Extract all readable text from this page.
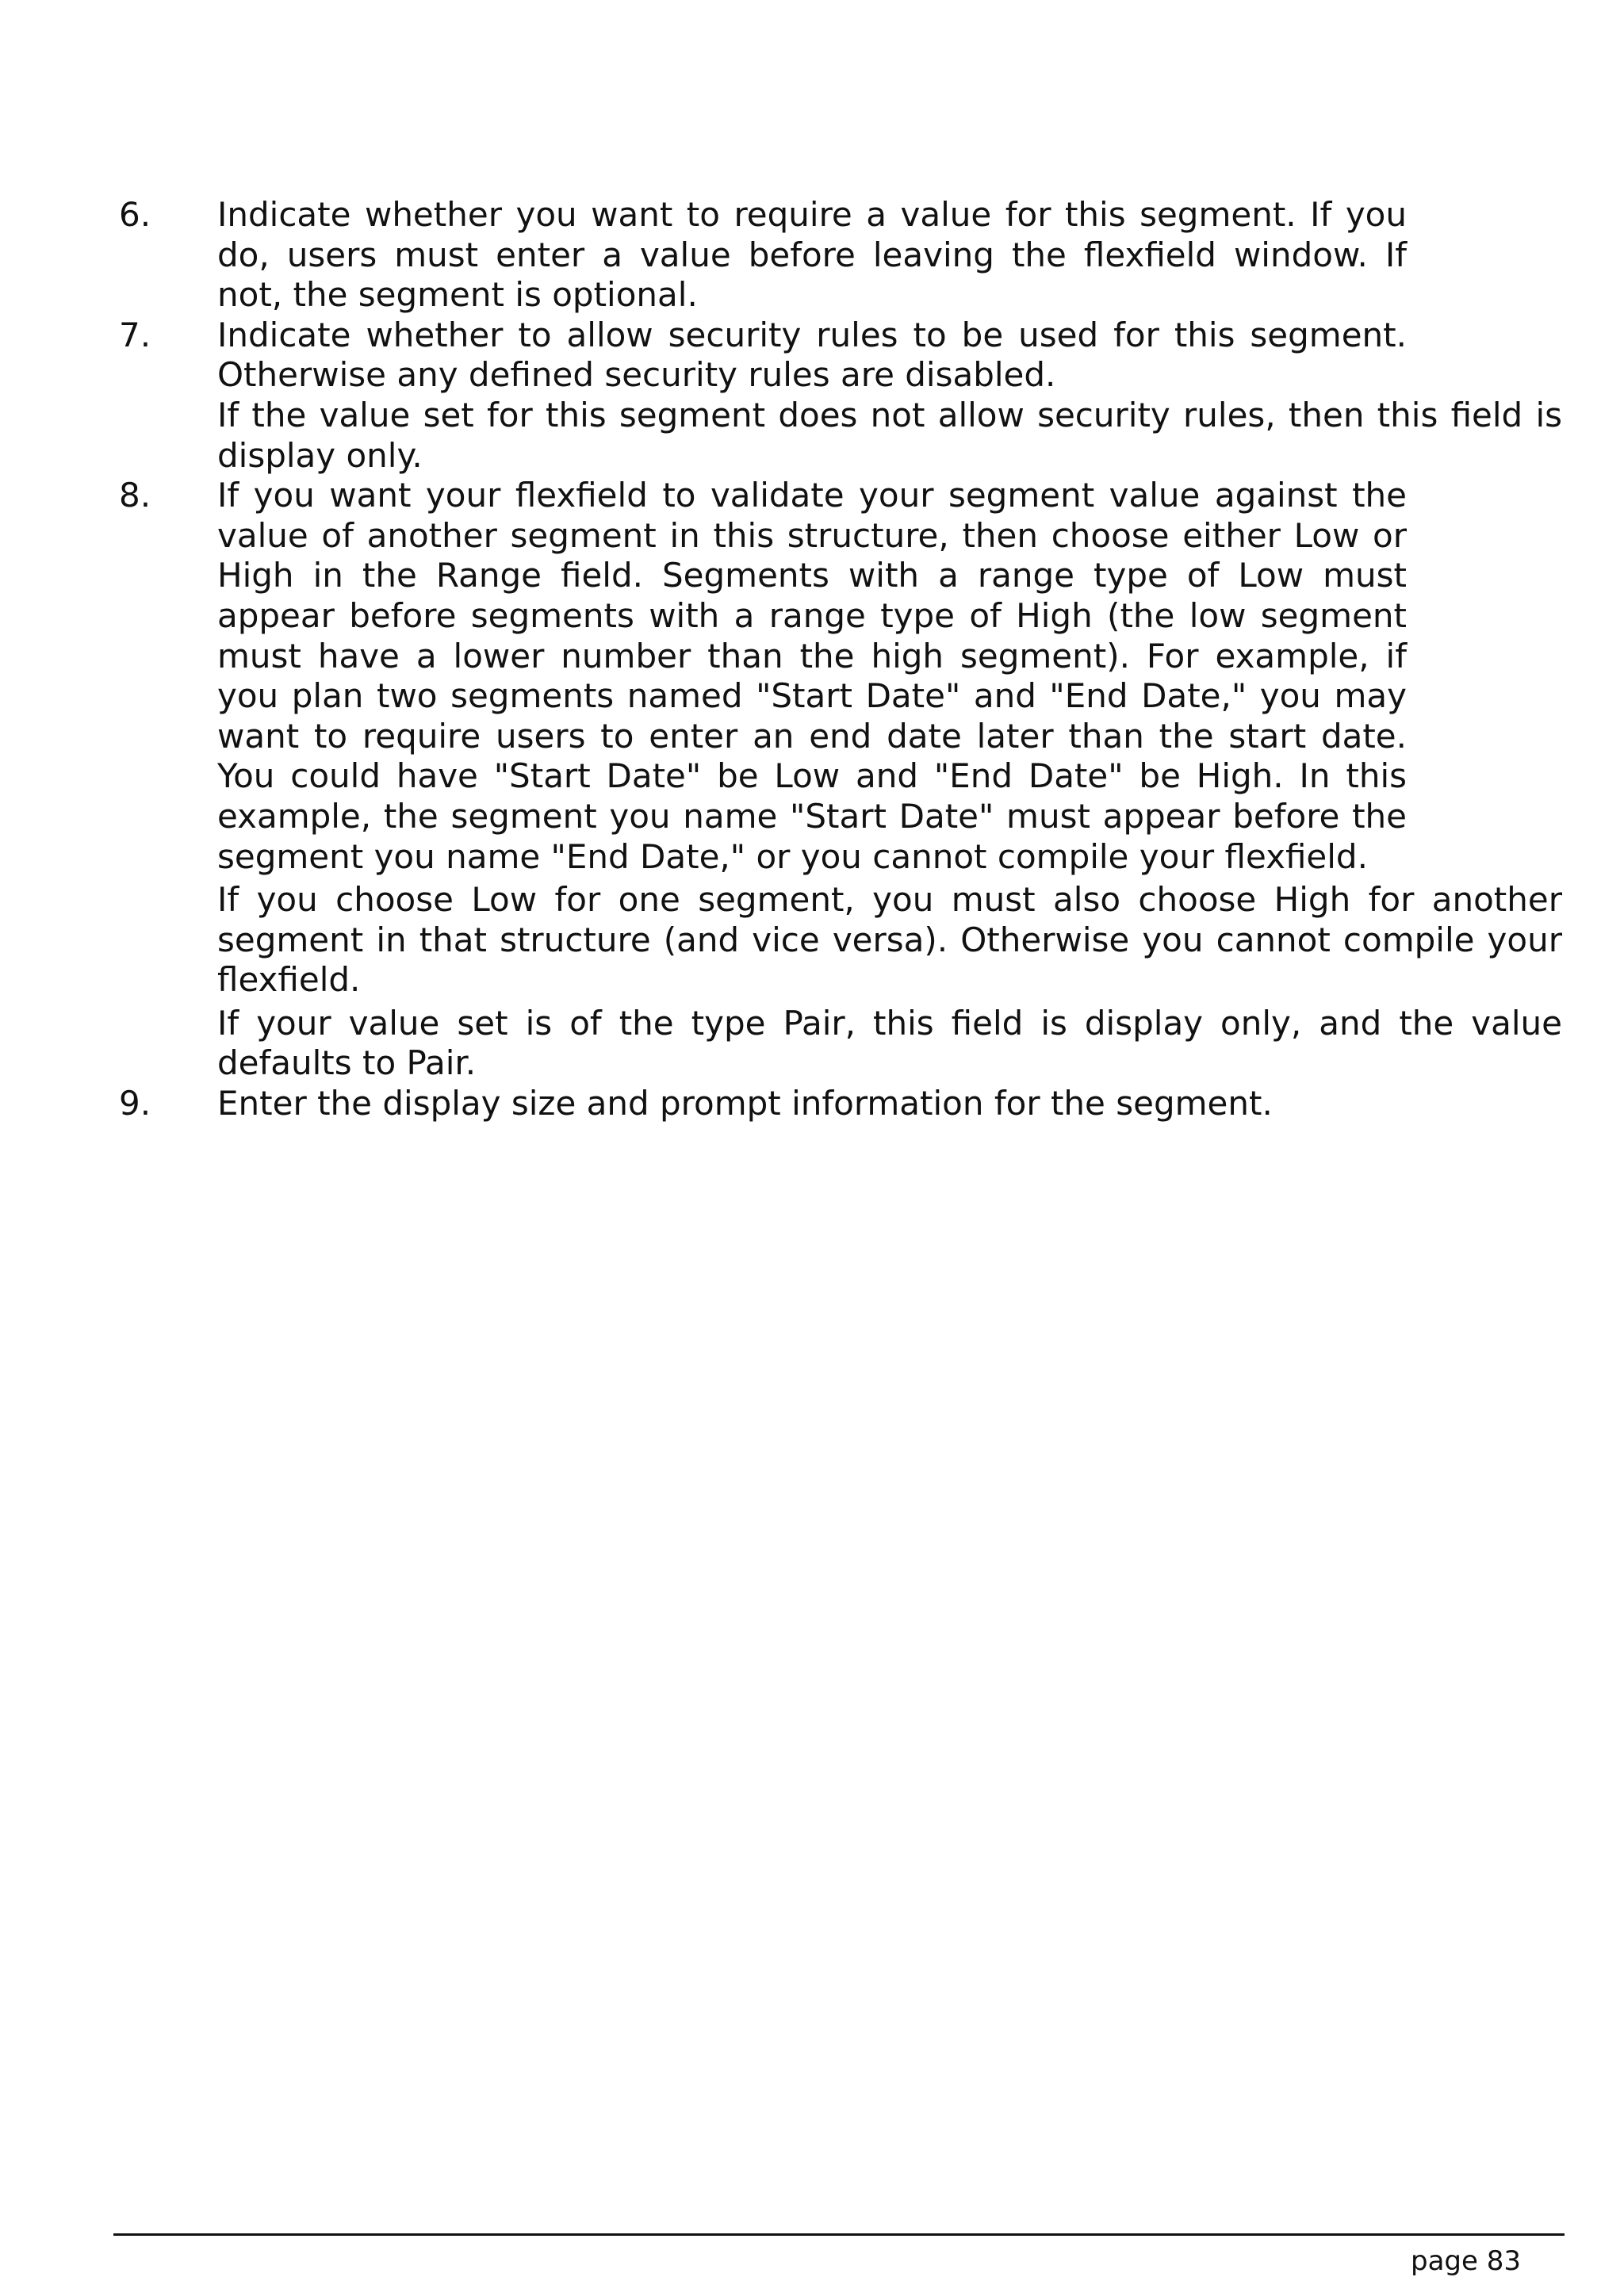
6.	Indicate whether you want to require a value for this segment. If you do, users must enter a value before leaving the flexfield window. If not, the segment is optional.

7.	Indicate whether to allow security rules to be used for this segment. Otherwise any defined security rules are disabled.

If the value set for this segment does not allow security rules, then this field is display only.

8.	If you want your flexfield to validate your segment value against the value of another segment in this structure, then choose either Low or High in the Range field. Segments with a range type of Low must appear before segments with a range type of High (the low segment must have a lower number than the high segment). For example, if you plan two segments named "Start Date" and "End Date," you may want to require users to enter an end date later than the start date. You could have "Start Date" be Low and "End Date" be High. In this example, the segment you name "Start Date" must appear before the segment you name "End Date," or you cannot compile your flexfield.

If you choose Low for one segment, you must also choose High for another segment in that structure (and vice versa). Otherwise you cannot compile your flexfield.

If your value set is of the type Pair, this field is display only, and the value defaults to Pair.

9.	Enter the display size and prompt information for the segment.

page 83
